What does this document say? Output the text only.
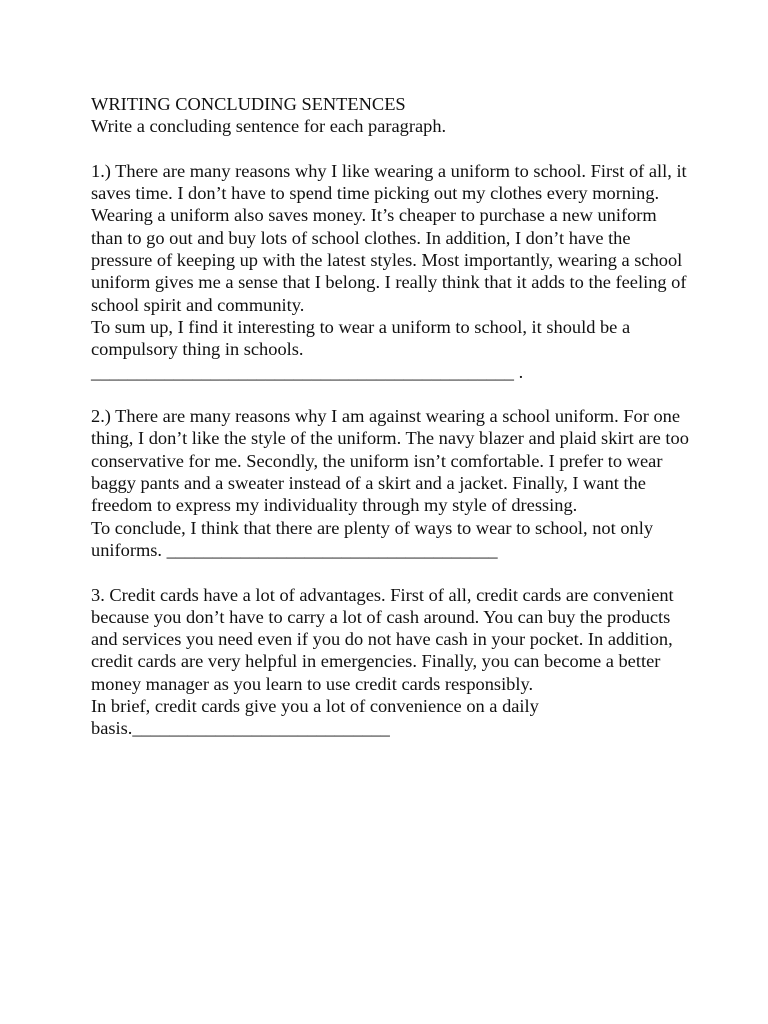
WRITING CONCLUDING SENTENCES

Write a concluding sentence for each paragraph.

1.) There are many reasons why I like wearing a uniform to school. First of all, it saves time. I don’t have to spend time picking out my clothes every morning. Wearing a uniform also saves money. It’s cheaper to purchase a new uniform than to go out and buy lots of school clothes. In addition, I don’t have the pressure of keeping up with the latest styles. Most importantly, wearing a school uniform gives me a sense that I belong. I really think that it adds to the feeling of school spirit and community.

To sum up, I find it interesting to wear a uniform to school, it should be a compulsory thing in schools.

______________________________________________ .

2.) There are many reasons why I am against wearing a school uniform. For one thing, I don’t like the style of the uniform. The navy blazer and plaid skirt are too conservative for me. Secondly, the uniform isn’t comfortable. I prefer to wear baggy pants and a sweater instead of a skirt and a jacket. Finally, I want the freedom to express my individuality through my style of dressing.

To conclude, I think that there are plenty of ways to wear to school, not only uniforms. ____________________________________

3. Credit cards have a lot of advantages. First of all, credit cards are convenient because you don’t have to carry a lot of cash around. You can buy the products and services you need even if you do not have cash in your pocket. In addition, credit cards are very helpful in emergencies. Finally, you can become a better money manager as you learn to use credit cards responsibly.

In brief, credit cards give you a lot of convenience on a daily basis.____________________________
